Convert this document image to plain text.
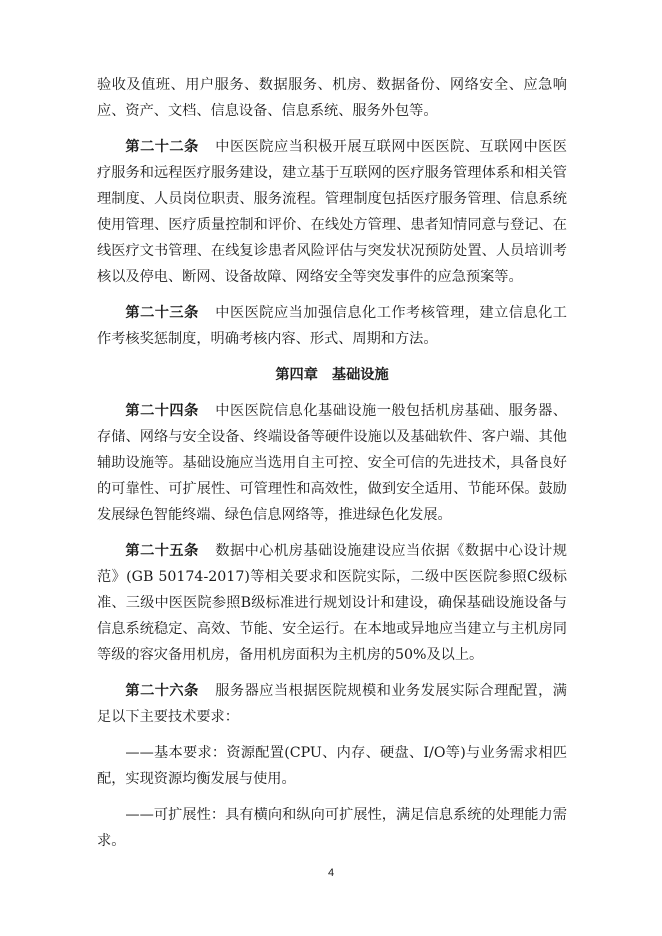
验收及值班、用户服务、数据服务、机房、数据备份、网络安全、应急响应、资产、文档、信息设备、信息系统、服务外包等。

第二十二条 中医医院应当积极开展互联网中医医院、互联网中医医疗服务和远程医疗服务建设，建立基于互联网的医疗服务管理体系和相关管理制度、人员岗位职责、服务流程。管理制度包括医疗服务管理、信息系统使用管理、医疗质量控制和评价、在线处方管理、患者知情同意与登记、在线医疗文书管理、在线复诊患者风险评估与突发状况预防处置、人员培训考核以及停电、断网、设备故障、网络安全等突发事件的应急预案等。

第二十三条 中医医院应当加强信息化工作考核管理，建立信息化工作考核奖惩制度，明确考核内容、形式、周期和方法。

第四章 基础设施

第二十四条 中医医院信息化基础设施一般包括机房基础、服务器、存储、网络与安全设备、终端设备等硬件设施以及基础软件、客户端、其他辅助设施等。基础设施应当选用自主可控、安全可信的先进技术，具备良好的可靠性、可扩展性、可管理性和高效性，做到安全适用、节能环保。鼓励发展绿色智能终端、绿色信息网络等，推进绿色化发展。

第二十五条 数据中心机房基础设施建设应当依据《数据中心设计规范》(GB 50174-2017)等相关要求和医院实际，二级中医医院参照C级标准、三级中医医院参照B级标准进行规划设计和建设，确保基础设施设备与信息系统稳定、高效、节能、安全运行。在本地或异地应当建立与主机房同等级的容灾备用机房，备用机房面积为主机房的50%及以上。

第二十六条 服务器应当根据医院规模和业务发展实际合理配置，满足以下主要技术要求：

——基本要求：资源配置(CPU、内存、硬盘、I/O等)与业务需求相匹配，实现资源均衡发展与使用。

——可扩展性：具有横向和纵向可扩展性，满足信息系统的处理能力需求。

4
